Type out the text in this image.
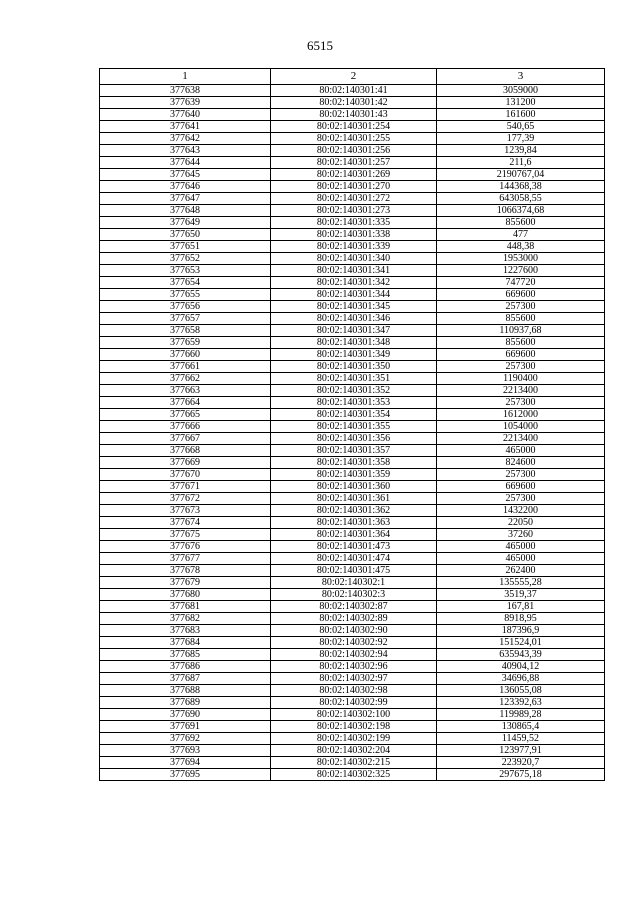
6515
1	2	3
377638	80:02:140301:41	3059000
377639	80:02:140301:42	131200
377640	80:02:140301:43	161600
377641	80:02:140301:254	540,65
377642	80:02:140301:255	177,39
377643	80:02:140301:256	1239,84
377644	80:02:140301:257	211,6
377645	80:02:140301:269	2190767,04
377646	80:02:140301:270	144368,38
377647	80:02:140301:272	643058,55
377648	80:02:140301:273	1066374,68
377649	80:02:140301:335	855600
377650	80:02:140301:338	477
377651	80:02:140301:339	448,38
377652	80:02:140301:340	1953000
377653	80:02:140301:341	1227600
377654	80:02:140301:342	747720
377655	80:02:140301:344	669600
377656	80:02:140301:345	257300
377657	80:02:140301:346	855600
377658	80:02:140301:347	110937,68
377659	80:02:140301:348	855600
377660	80:02:140301:349	669600
377661	80:02:140301:350	257300
377662	80:02:140301:351	1190400
377663	80:02:140301:352	2213400
377664	80:02:140301:353	257300
377665	80:02:140301:354	1612000
377666	80:02:140301:355	1054000
377667	80:02:140301:356	2213400
377668	80:02:140301:357	465000
377669	80:02:140301:358	824600
377670	80:02:140301:359	257300
377671	80:02:140301:360	669600
377672	80:02:140301:361	257300
377673	80:02:140301:362	1432200
377674	80:02:140301:363	22050
377675	80:02:140301:364	37260
377676	80:02:140301:473	465000
377677	80:02:140301:474	465000
377678	80:02:140301:475	262400
377679	80:02:140302:1	135555,28
377680	80:02:140302:3	3519,37
377681	80:02:140302:87	167,81
377682	80:02:140302:89	8918,95
377683	80:02:140302:90	187396,9
377684	80:02:140302:92	151524,01
377685	80:02:140302:94	635943,39
377686	80:02:140302:96	40904,12
377687	80:02:140302:97	34696,88
377688	80:02:140302:98	136055,08
377689	80:02:140302:99	123392,63
377690	80:02:140302:100	119989,28
377691	80:02:140302:198	130865,4
377692	80:02:140302:199	11459,52
377693	80:02:140302:204	123977,91
377694	80:02:140302:215	223920,7
377695	80:02:140302:325	297675,18
